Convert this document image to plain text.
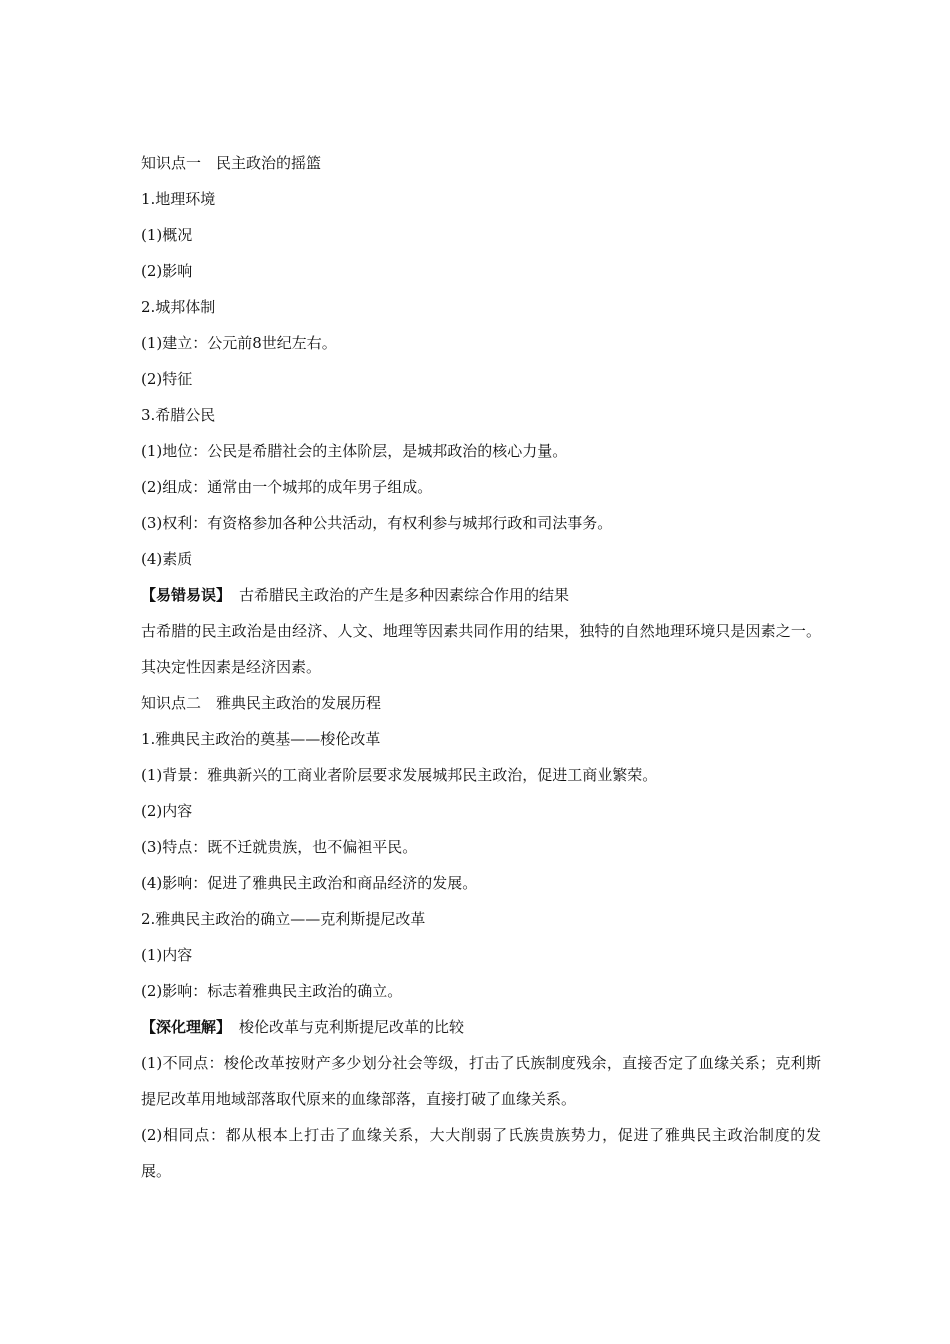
知识点一　民主政治的摇篮
1.地理环境
(1)概况
(2)影响
2.城邦体制
(1)建立：公元前8世纪左右。
(2)特征
3.希腊公民
(1)地位：公民是希腊社会的主体阶层，是城邦政治的核心力量。
(2)组成：通常由一个城邦的成年男子组成。
(3)权利：有资格参加各种公共活动，有权利参与城邦行政和司法事务。
(4)素质
【易错易误】 古希腊民主政治的产生是多种因素综合作用的结果
古希腊的民主政治是由经济、人文、地理等因素共同作用的结果，独特的自然地理环境只是因素之一。其决定性因素是经济因素。
知识点二　雅典民主政治的发展历程
1.雅典民主政治的奠基——梭伦改革
(1)背景：雅典新兴的工商业者阶层要求发展城邦民主政治，促进工商业繁荣。
(2)内容
(3)特点：既不迁就贵族，也不偏袒平民。
(4)影响：促进了雅典民主政治和商品经济的发展。
2.雅典民主政治的确立——克利斯提尼改革
(1)内容
(2)影响：标志着雅典民主政治的确立。
【深化理解】 梭伦改革与克利斯提尼改革的比较
(1)不同点：梭伦改革按财产多少划分社会等级，打击了氏族制度残余，直接否定了血缘关系；克利斯提尼改革用地域部落取代原来的血缘部落，直接打破了血缘关系。
(2)相同点：都从根本上打击了血缘关系，大大削弱了氏族贵族势力，促进了雅典民主政治制度的发展。
